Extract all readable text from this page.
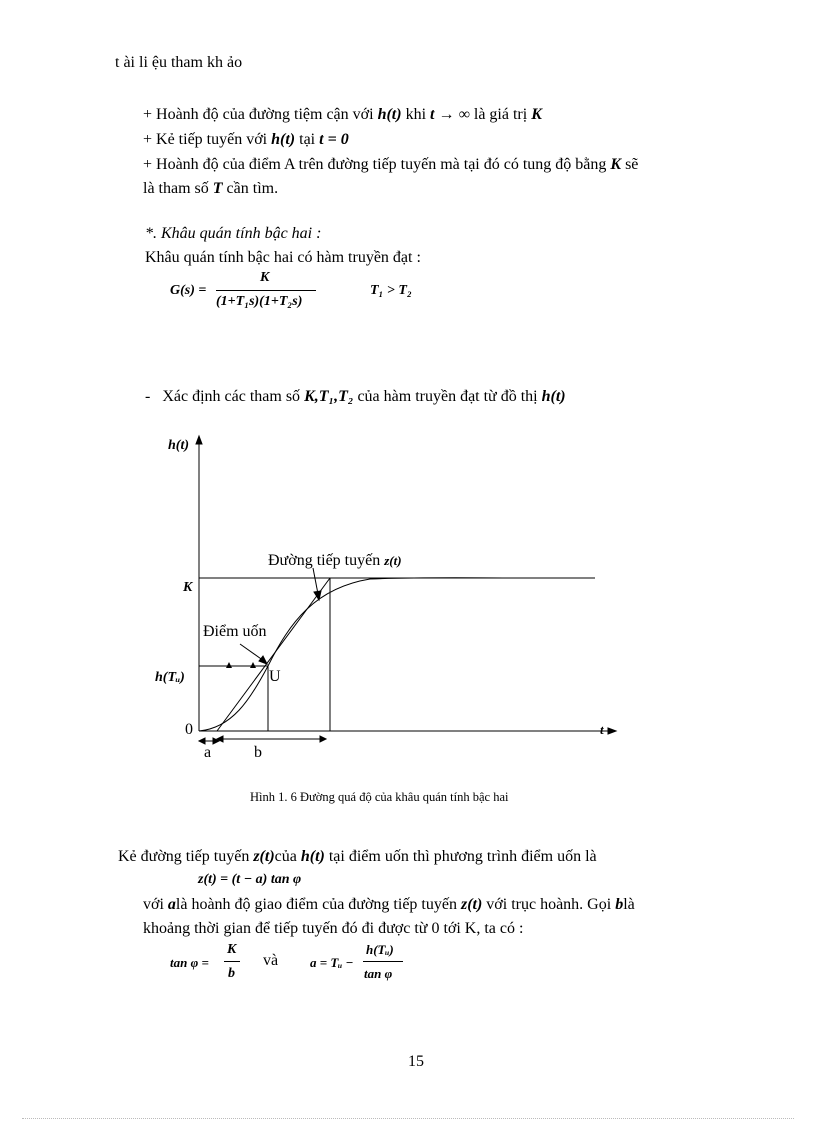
t ài li ệu tham kh ảo
+ Hoành độ của đường tiệm cận với h(t) khi t → ∞ là giá trị K
+ Kẻ tiếp tuyến với h(t) tại t = 0
+ Hoành độ của điểm A trên đường tiếp tuyến mà tại đó có tung độ bằng K sẽ
là tham số T cần tìm.
*. Khâu quán tính bậc hai :
Khâu quán tính bậc hai có hàm truyền đạt :
G(s) =
K
(1+T₁s)(1+T₂s)
T₁ > T₂
- Xác định các tham số K,T₁,T₂ của hàm truyền đạt từ đồ thị h(t)
h(t)
t
K
h(Tᵤ)
0
Đường tiếp tuyến z(t)
Điểm uốn
U
a	b
Hình 1. 6 Đường quá độ của khâu quán tính bậc hai
Kẻ đường tiếp tuyến z(t)của h(t) tại điểm uốn thì phương trình điểm uốn là
z(t) = (t − a) tan φ
với alà hoành độ giao điểm của đường tiếp tuyến z(t) với trục hoành. Gọi blà
khoảng thời gian để tiếp tuyến đó đi được từ 0 tới K, ta có :
tan φ =
K
b
và a = Tᵤ −
h(Tᵤ)
tan φ
15
